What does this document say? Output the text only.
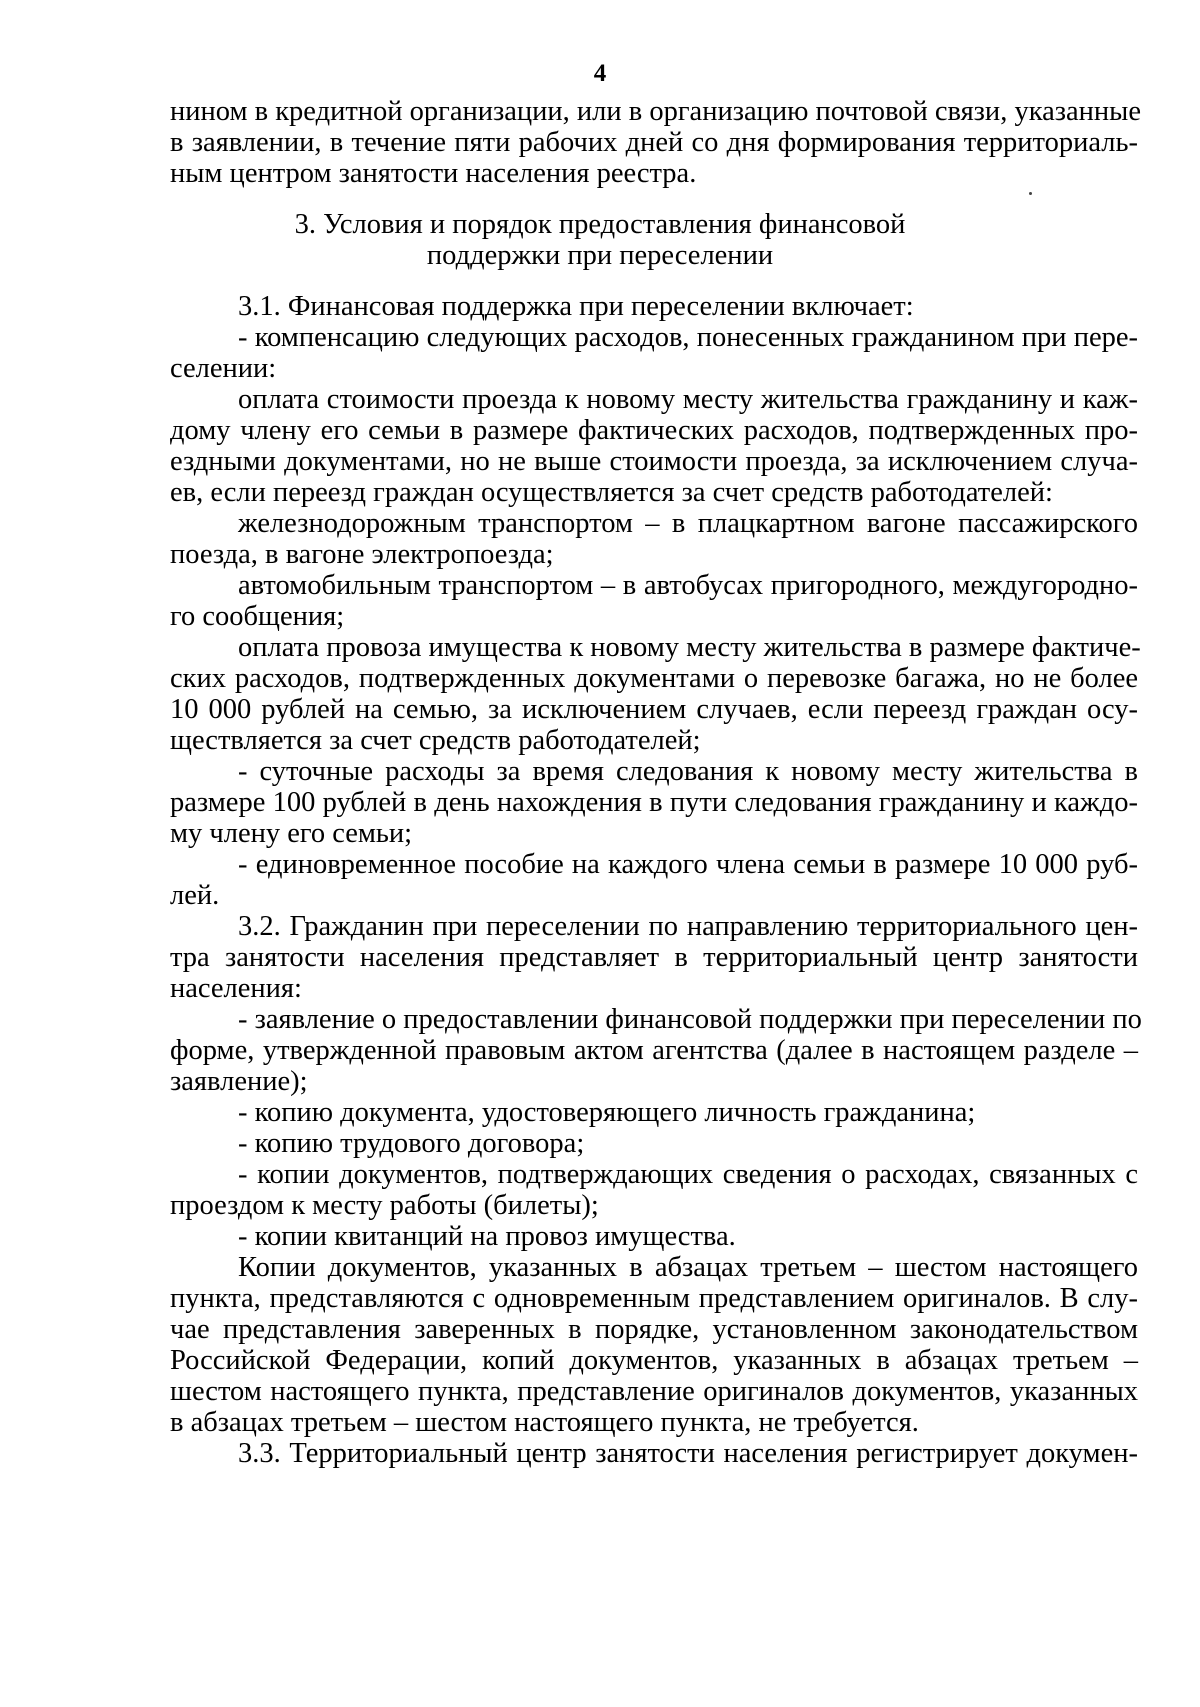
4
нином в кредитной организации, или в организацию почтовой связи, указанные
в заявлении, в течение пяти рабочих дней со дня формирования территориаль-
ным центром занятости населения реестра.
3. Условия и порядок предоставления финансовой
поддержки при переселении
3.1. Финансовая поддержка при переселении включает:
- компенсацию следующих расходов, понесенных гражданином при пере-
селении:
оплата стоимости проезда к новому месту жительства гражданину и каж-
дому члену его семьи в размере фактических расходов, подтвержденных про-
ездными документами, но не выше стоимости проезда, за исключением случа-
ев, если переезд граждан осуществляется за счет средств работодателей:
железнодорожным транспортом – в плацкартном вагоне пассажирского
поезда, в вагоне электропоезда;
автомобильным транспортом – в автобусах пригородного, междугородно-
го сообщения;
оплата провоза имущества к новому месту жительства в размере фактиче-
ских расходов, подтвержденных документами о перевозке багажа, но не более
10 000 рублей на семью, за исключением случаев, если переезд граждан осу-
ществляется за счет средств работодателей;
- суточные расходы за время следования к новому месту жительства в
размере 100 рублей в день нахождения в пути следования гражданину и каждо-
му члену его семьи;
- единовременное пособие на каждого члена семьи в размере 10 000 руб-
лей.
3.2. Гражданин при переселении по направлению территориального цен-
тра занятости населения представляет в территориальный центр занятости
населения:
- заявление о предоставлении финансовой поддержки при переселении по
форме, утвержденной правовым актом агентства (далее в настоящем разделе –
заявление);
- копию документа, удостоверяющего личность гражданина;
- копию трудового договора;
- копии документов, подтверждающих сведения о расходах, связанных с
проездом к месту работы (билеты);
- копии квитанций на провоз имущества.
Копии документов, указанных в абзацах третьем – шестом настоящего
пункта, представляются с одновременным представлением оригиналов. В слу-
чае представления заверенных в порядке, установленном законодательством
Российской Федерации, копий документов, указанных в абзацах третьем –
шестом настоящего пункта, представление оригиналов документов, указанных
в абзацах третьем – шестом настоящего пункта, не требуется.
3.3. Территориальный центр занятости населения регистрирует докумен-
